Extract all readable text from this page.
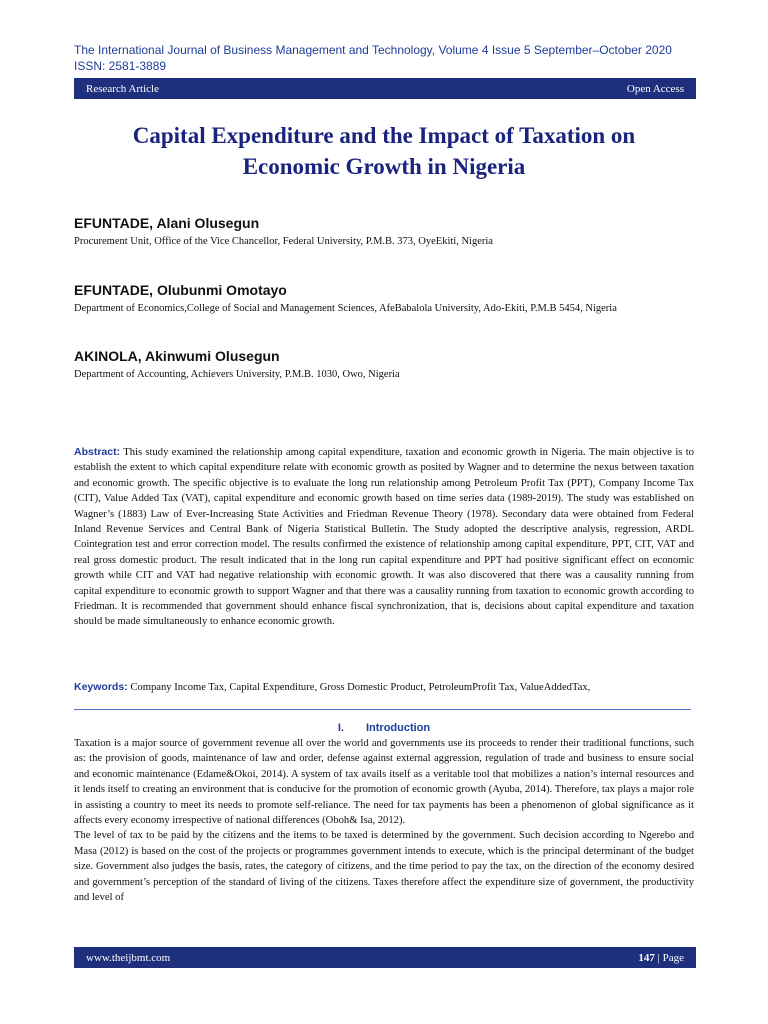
The International Journal of Business Management and Technology, Volume 4 Issue 5 September–October 2020
ISSN: 2581-3889
Research Article	Open Access
Capital Expenditure and the Impact of Taxation on
Economic Growth in Nigeria
EFUNTADE, Alani Olusegun
Procurement Unit, Office of the Vice Chancellor, Federal University, P.M.B. 373, OyeEkiti, Nigeria
EFUNTADE, Olubunmi Omotayo
Department of Economics,College of Social and Management Sciences, AfeBabalola University, Ado-Ekiti, P.M.B 5454, Nigeria
AKINOLA, Akinwumi Olusegun
Department of Accounting, Achievers University, P.M.B. 1030, Owo, Nigeria
Abstract: This study examined the relationship among capital expenditure, taxation and economic growth in Nigeria. The main objective is to establish the extent to which capital expenditure relate with economic growth as posited by Wagner and to determine the nexus between taxation and economic growth. The specific objective is to evaluate the long run relationship among Petroleum Profit Tax (PPT), Company Income Tax (CIT), Value Added Tax (VAT), capital expenditure and economic growth based on time series data (1989-2019). The study was established on Wagner’s (1883) Law of Ever-Increasing State Activities and Friedman Revenue Theory (1978). Secondary data were obtained from Federal Inland Revenue Services and Central Bank of Nigeria Statistical Bulletin. The Study adopted the descriptive analysis, regression, ARDL Cointegration test and error correction model. The results confirmed the existence of relationship among capital expenditure, PPT, CIT, VAT and real gross domestic product. The result indicated that in the long run capital expenditure and PPT had positive significant effect on economic growth while CIT and VAT had negative relationship with economic growth. It was also discovered that there was a causality running from capital expenditure to economic growth to support Wagner and that there was a causality running from taxation to economic growth according to Friedman. It is recommended that government should enhance fiscal synchronization, that is, decisions about capital expenditure and taxation should be made simultaneously to enhance economic growth.
Keywords: Company Income Tax, Capital Expenditure, Gross Domestic Product, PetroleumProfit Tax, ValueAddedTax,
I. Introduction

Taxation is a major source of government revenue all over the world and governments use its proceeds to render their traditional functions, such as: the provision of goods, maintenance of law and order, defense against external aggression, regulation of trade and business to ensure social and economic maintenance (Edame&Okoi, 2014). A system of tax avails itself as a veritable tool that mobilizes a nation’s internal resources and it lends itself to creating an environment that is conducive for the promotion of economic growth (Ayuba, 2014). Therefore, tax plays a major role in assisting a country to meet its needs to promote self-reliance. The need for tax payments has been a phenomenon of global significance as it affects every economy irrespective of national differences (Oboh& Isa, 2012).

The level of tax to be paid by the citizens and the items to be taxed is determined by the government. Such decision according to Ngerebo and Masa (2012) is based on the cost of the projects or programmes government intends to execute, which is the principal determinant of the budget size. Government also judges the basis, rates, the category of citizens, and the time period to pay the tax, on the direction of the economy desired and government’s perception of the standard of living of the citizens. Taxes therefore affect the expenditure size of government, the productivity and level of

www.theijbmt.com	147 | Page
